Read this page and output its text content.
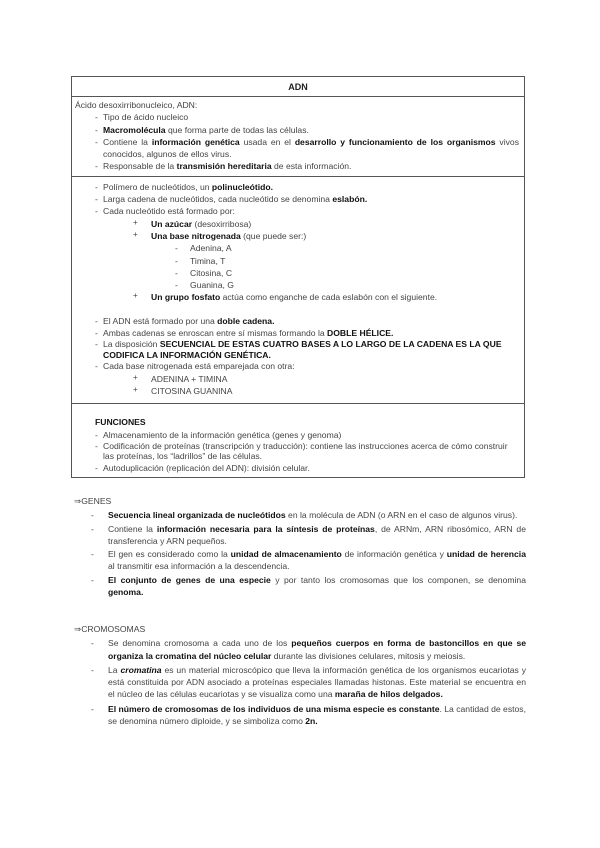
ADN
Ácido desoxirribonucleico, ADN:
- Tipo de ácido nucleico
- Macromolécula que forma parte de todas las células.
- Contiene la información genética usada en el desarrollo y funcionamiento de los organismos vivos conocidos, algunos de ellos virus.
- Responsable de la transmisión hereditaria de esta información.
- Polímero de nucleótidos, un polinucleótido.
- Larga cadena de nucleótidos, cada nucleótido se denomina eslabón.
- Cada nucleótido está formado por:
+ Un azúcar (desoxirribosa)
+ Una base nitrogenada (que puede ser:)
- Adenina, A
- Timina, T
- Citosina, C
- Guanina, G
+ Un grupo fosfato actúa como enganche de cada eslabón con el siguiente.
- El ADN está formado por una doble cadena.
- Ambas cadenas se enroscan entre sí mismas formando la DOBLE HÉLICE.
- La disposición SECUENCIAL DE ESTAS CUATRO BASES A LO LARGO DE LA CADENA ES LA QUE CODIFICA LA INFORMACIÓN GENÉTICA.
- Cada base nitrogenada está emparejada con otra:
+ ADENINA + TIMINA
+ CITOSINA GUANINA
FUNCIONES
- Almacenamiento de la información genética (genes y genoma)
- Codificación de proteínas (transcripción y traducción): contiene las instrucciones acerca de cómo construir las proteínas, los “ladrillos” de las células.
- Autoduplicación (replicación del ADN): división celular.
⇒GENES
- Secuencia lineal organizada de nucleótidos en la molécula de ADN (o ARN en el caso de algunos virus).
- Contiene la información necesaria para la síntesis de proteínas, de ARNm, ARN ribosómico, ARN de transferencia y ARN pequeños.
- El gen es considerado como la unidad de almacenamiento de información genética y unidad de herencia al transmitir esa información a la descendencia.
- El conjunto de genes de una especie y por tanto los cromosomas que los componen, se denomina genoma.
⇒CROMOSOMAS
- Se denomina cromosoma a cada uno de los pequeños cuerpos en forma de bastoncillos en que se organiza la cromatina del núcleo celular durante las divisiones celulares, mitosis y meiosis.
- La cromatina es un material microscópico que lleva la información genética de los organismos eucariotas y está constituida por ADN asociado a proteínas especiales llamadas histonas. Este material se encuentra en el núcleo de las células eucariotas y se visualiza como una maraña de hilos delgados.
- El número de cromosomas de los individuos de una misma especie es constante. La cantidad de estos, se denomina número diploide, y se simboliza como 2n.
